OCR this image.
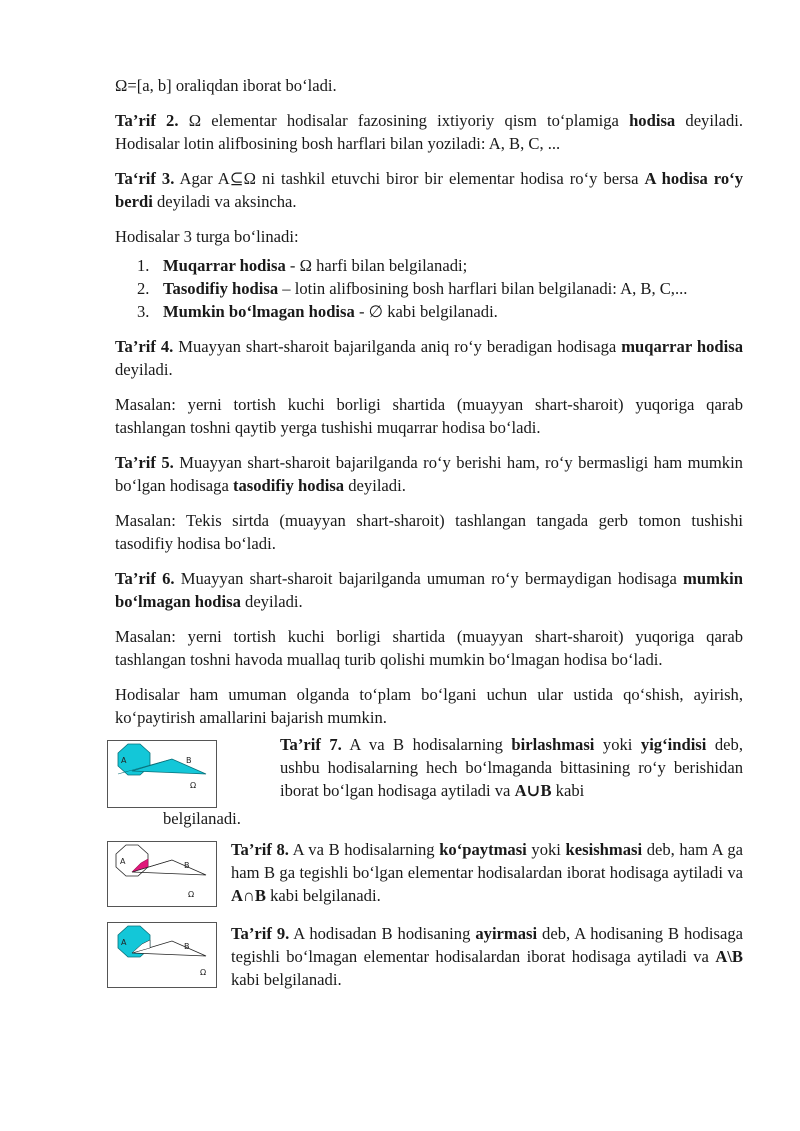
Ω=[a, b] oraliqdan iborat bo‘ladi.

Ta’rif 2. Ω elementar hodisalar fazosining ixtiyoriy qism to‘plamiga hodisa deyiladi. Hodisalar lotin alifbosining bosh harflari bilan yoziladi: A, B, C, ...

Ta‘rif 3. Agar A⊆Ω ni tashkil etuvchi biror bir elementar hodisa ro‘y bersa A hodisa ro‘y berdi deyiladi va aksincha.

Hodisalar 3 turga bo‘linadi:

1. Muqarrar hodisa - Ω harfi bilan belgilanadi;
2. Tasodifiy hodisa – lotin alifbosining bosh harflari bilan belgilanadi: A, B, C,...
3. Mumkin bo‘lmagan hodisa - ∅ kabi belgilanadi.

Ta’rif 4. Muayyan shart-sharoit bajarilganda aniq ro‘y beradigan hodisaga muqarrar hodisa deyiladi.

Masalan: yerni tortish kuchi borligi shartida (muayyan shart-sharoit) yuqoriga qarab tashlangan toshni qaytib yerga tushishi muqarrar hodisa bo‘ladi.

Ta’rif 5. Muayyan shart-sharoit bajarilganda ro‘y berishi ham, ro‘y bermasligi ham mumkin bo‘lgan hodisaga tasodifiy hodisa deyiladi.

Masalan: Tekis sirtda (muayyan shart-sharoit) tashlangan tangada gerb tomon tushishi tasodifiy hodisa bo‘ladi.

Ta’rif 6. Muayyan shart-sharoit bajarilganda umuman ro‘y bermaydigan hodisaga mumkin bo‘lmagan hodisa deyiladi.

Masalan: yerni tortish kuchi borligi shartida (muayyan shart-sharoit) yuqoriga qarab tashlangan toshni havoda muallaq turib qolishi mumkin bo‘lmagan hodisa bo‘ladi.

Hodisalar ham umuman olganda to‘plam bo‘lgani uchun ular ustida qo‘shish, ayirish, ko‘paytirish amallarini bajarish mumkin.

A	B
Ω

Ta’rif 7. A va B hodisalarning birlashmasi yoki yig‘indisi deb, ushbu hodisalarning hech bo‘lmaganda bittasining ro‘y berishidan iborat bo‘lgan hodisaga aytiladi va A∪B kabi

belgilanadi.

A	B
Ω

Ta’rif 8. A va B hodisalarning ko‘paytmasi yoki kesishmasi deb, ham A ga ham B ga tegishli bo‘lgan elementar hodisalardan iborat hodisaga aytiladi va A∩B kabi belgilanadi.

A	B
Ω

Ta’rif 9. A hodisadan B hodisaning ayirmasi deb, A hodisaning B hodisaga tegishli bo‘lmagan elementar hodisalardan iborat hodisaga aytiladi va A\B kabi belgilanadi.
